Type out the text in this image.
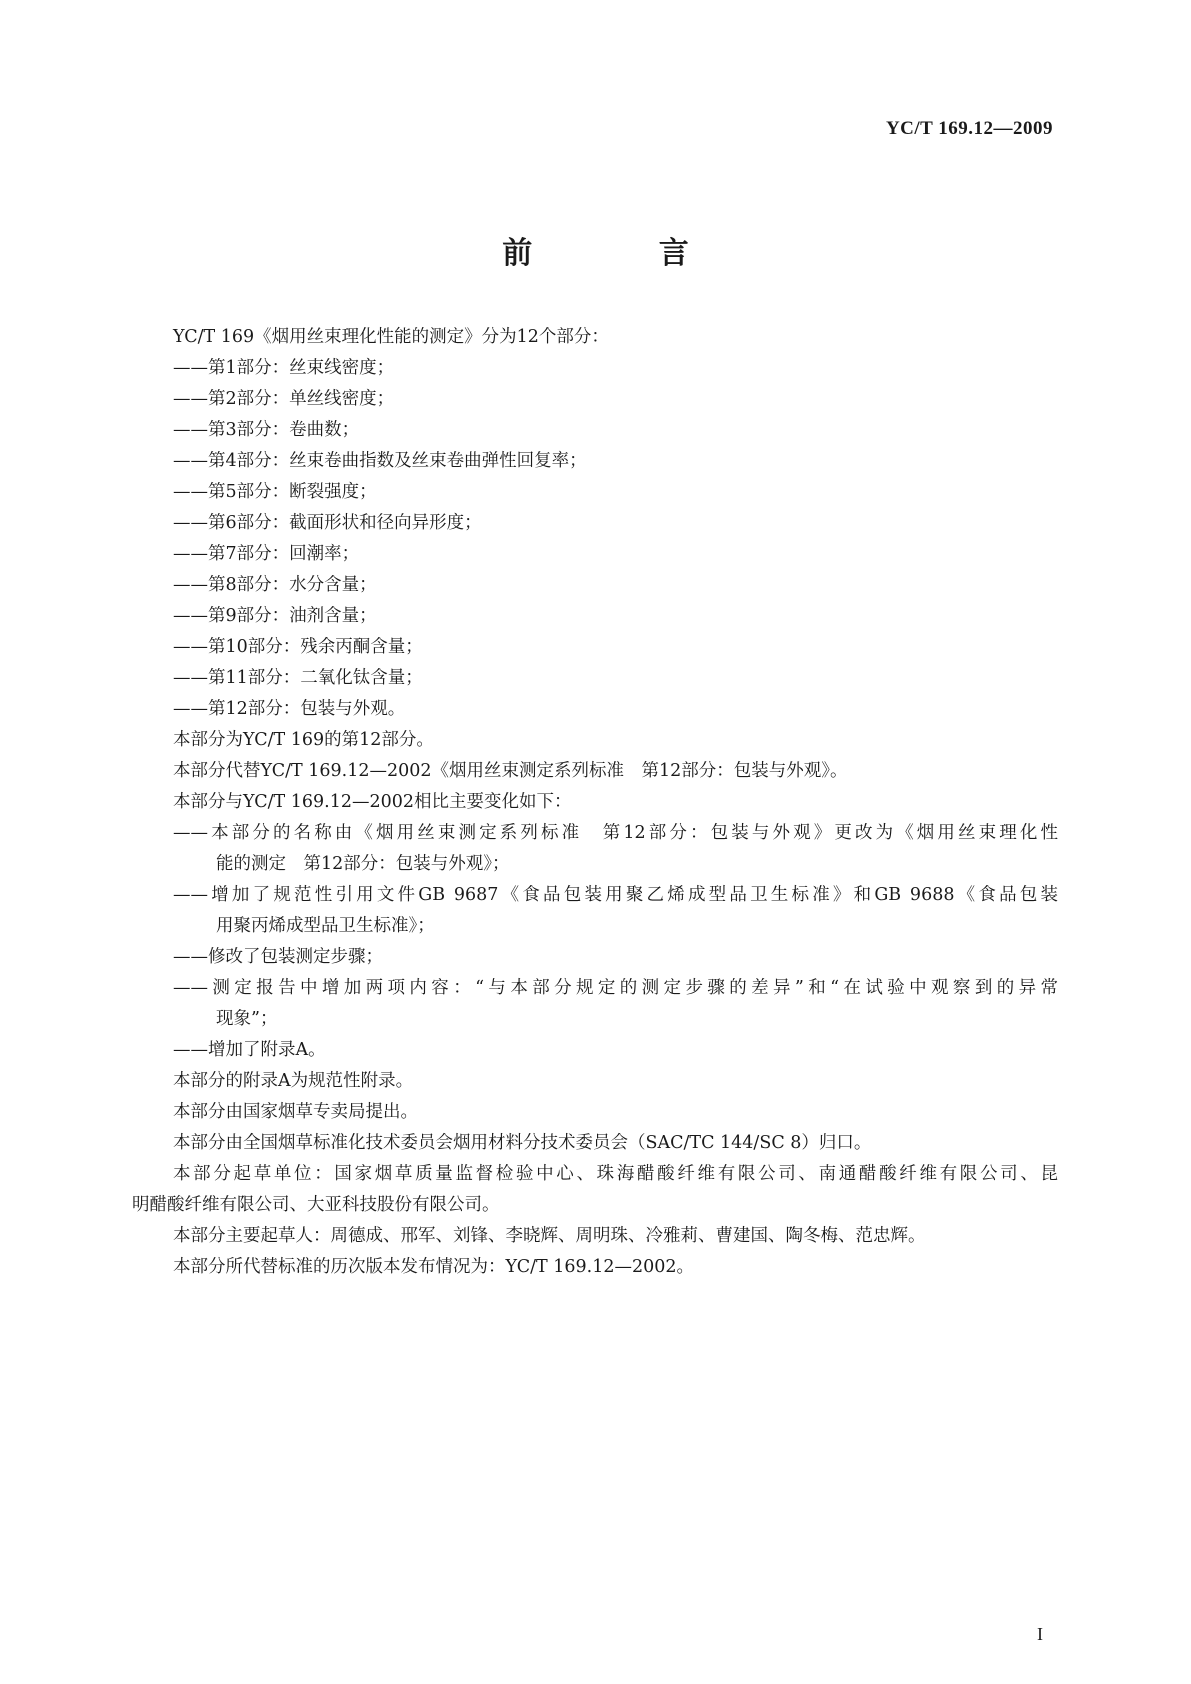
YC/T 169.12—2009
前 言
YC/T 169《烟用丝束理化性能的测定》分为12个部分：
——第1部分：丝束线密度；
——第2部分：单丝线密度；
——第3部分：卷曲数；
——第4部分：丝束卷曲指数及丝束卷曲弹性回复率；
——第5部分：断裂强度；
——第6部分：截面形状和径向异形度；
——第7部分：回潮率；
——第8部分：水分含量；
——第9部分：油剂含量；
——第10部分：残余丙酮含量；
——第11部分：二氧化钛含量；
——第12部分：包装与外观。
本部分为YC/T 169的第12部分。
本部分代替YC/T 169.12—2002《烟用丝束测定系列标准　第12部分：包装与外观》。
本部分与YC/T 169.12—2002相比主要变化如下：
——本部分的名称由《烟用丝束测定系列标准　第12部分：包装与外观》更改为《烟用丝束理化性
能的测定　第12部分：包装与外观》；
——增加了规范性引用文件GB 9687《食品包装用聚乙烯成型品卫生标准》和GB 9688《食品包装
用聚丙烯成型品卫生标准》；
——修改了包装测定步骤；
——测定报告中增加两项内容：“与本部分规定的测定步骤的差异”和“在试验中观察到的异常
现象”；
——增加了附录A。
本部分的附录A为规范性附录。
本部分由国家烟草专卖局提出。
本部分由全国烟草标准化技术委员会烟用材料分技术委员会（SAC/TC 144/SC 8）归口。
本部分起草单位：国家烟草质量监督检验中心、珠海醋酸纤维有限公司、南通醋酸纤维有限公司、昆
明醋酸纤维有限公司、大亚科技股份有限公司。
本部分主要起草人：周德成、邢军、刘锋、李晓辉、周明珠、冷雅莉、曹建国、陶冬梅、范忠辉。
本部分所代替标准的历次版本发布情况为：YC/T 169.12—2002。
I
